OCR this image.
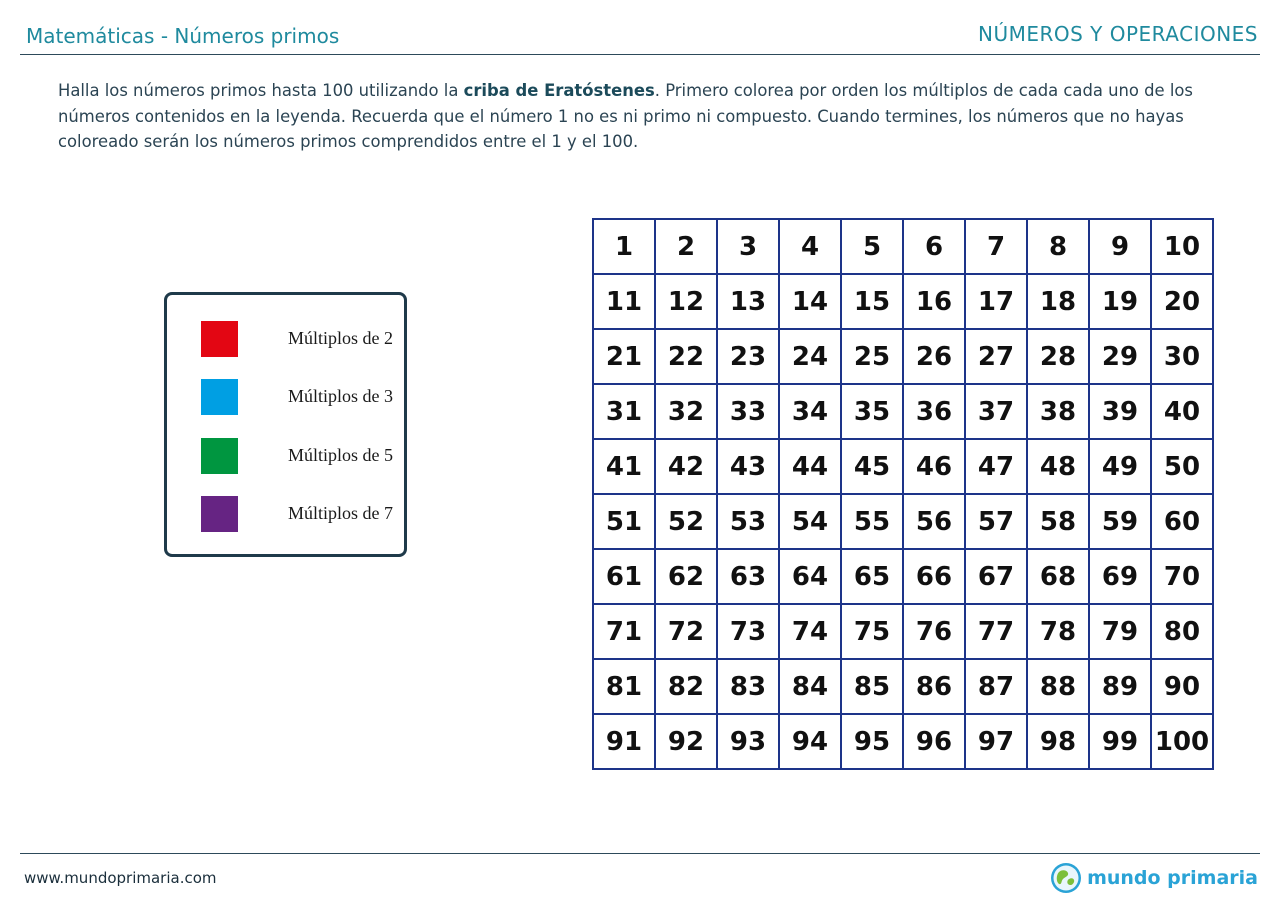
Matemáticas - Números primos	NÚMEROS Y OPERACIONES

Halla los números primos hasta 100 utilizando la criba de Eratóstenes. Primero colorea por orden los múltiplos de cada cada uno de los números contenidos en la leyenda. Recuerda que el número 1 no es ni primo ni compuesto. Cuando termines, los números que no hayas coloreado serán los números primos comprendidos entre el 1 y el 100.

Múltiplos de 2
Múltiplos de 3
Múltiplos de 5
Múltiplos de 7
1	2	3	4	5	6	7	8	9	10
11	12	13	14	15	16	17	18	19	20
21	22	23	24	25	26	27	28	29	30
31	32	33	34	35	36	37	38	39	40
41	42	43	44	45	46	47	48	49	50
51	52	53	54	55	56	57	58	59	60
61	62	63	64	65	66	67	68	69	70
71	72	73	74	75	76	77	78	79	80
81	82	83	84	85	86	87	88	89	90
91	92	93	94	95	96	97	98	99	100
www.mundoprimaria.com	mundo primaria
